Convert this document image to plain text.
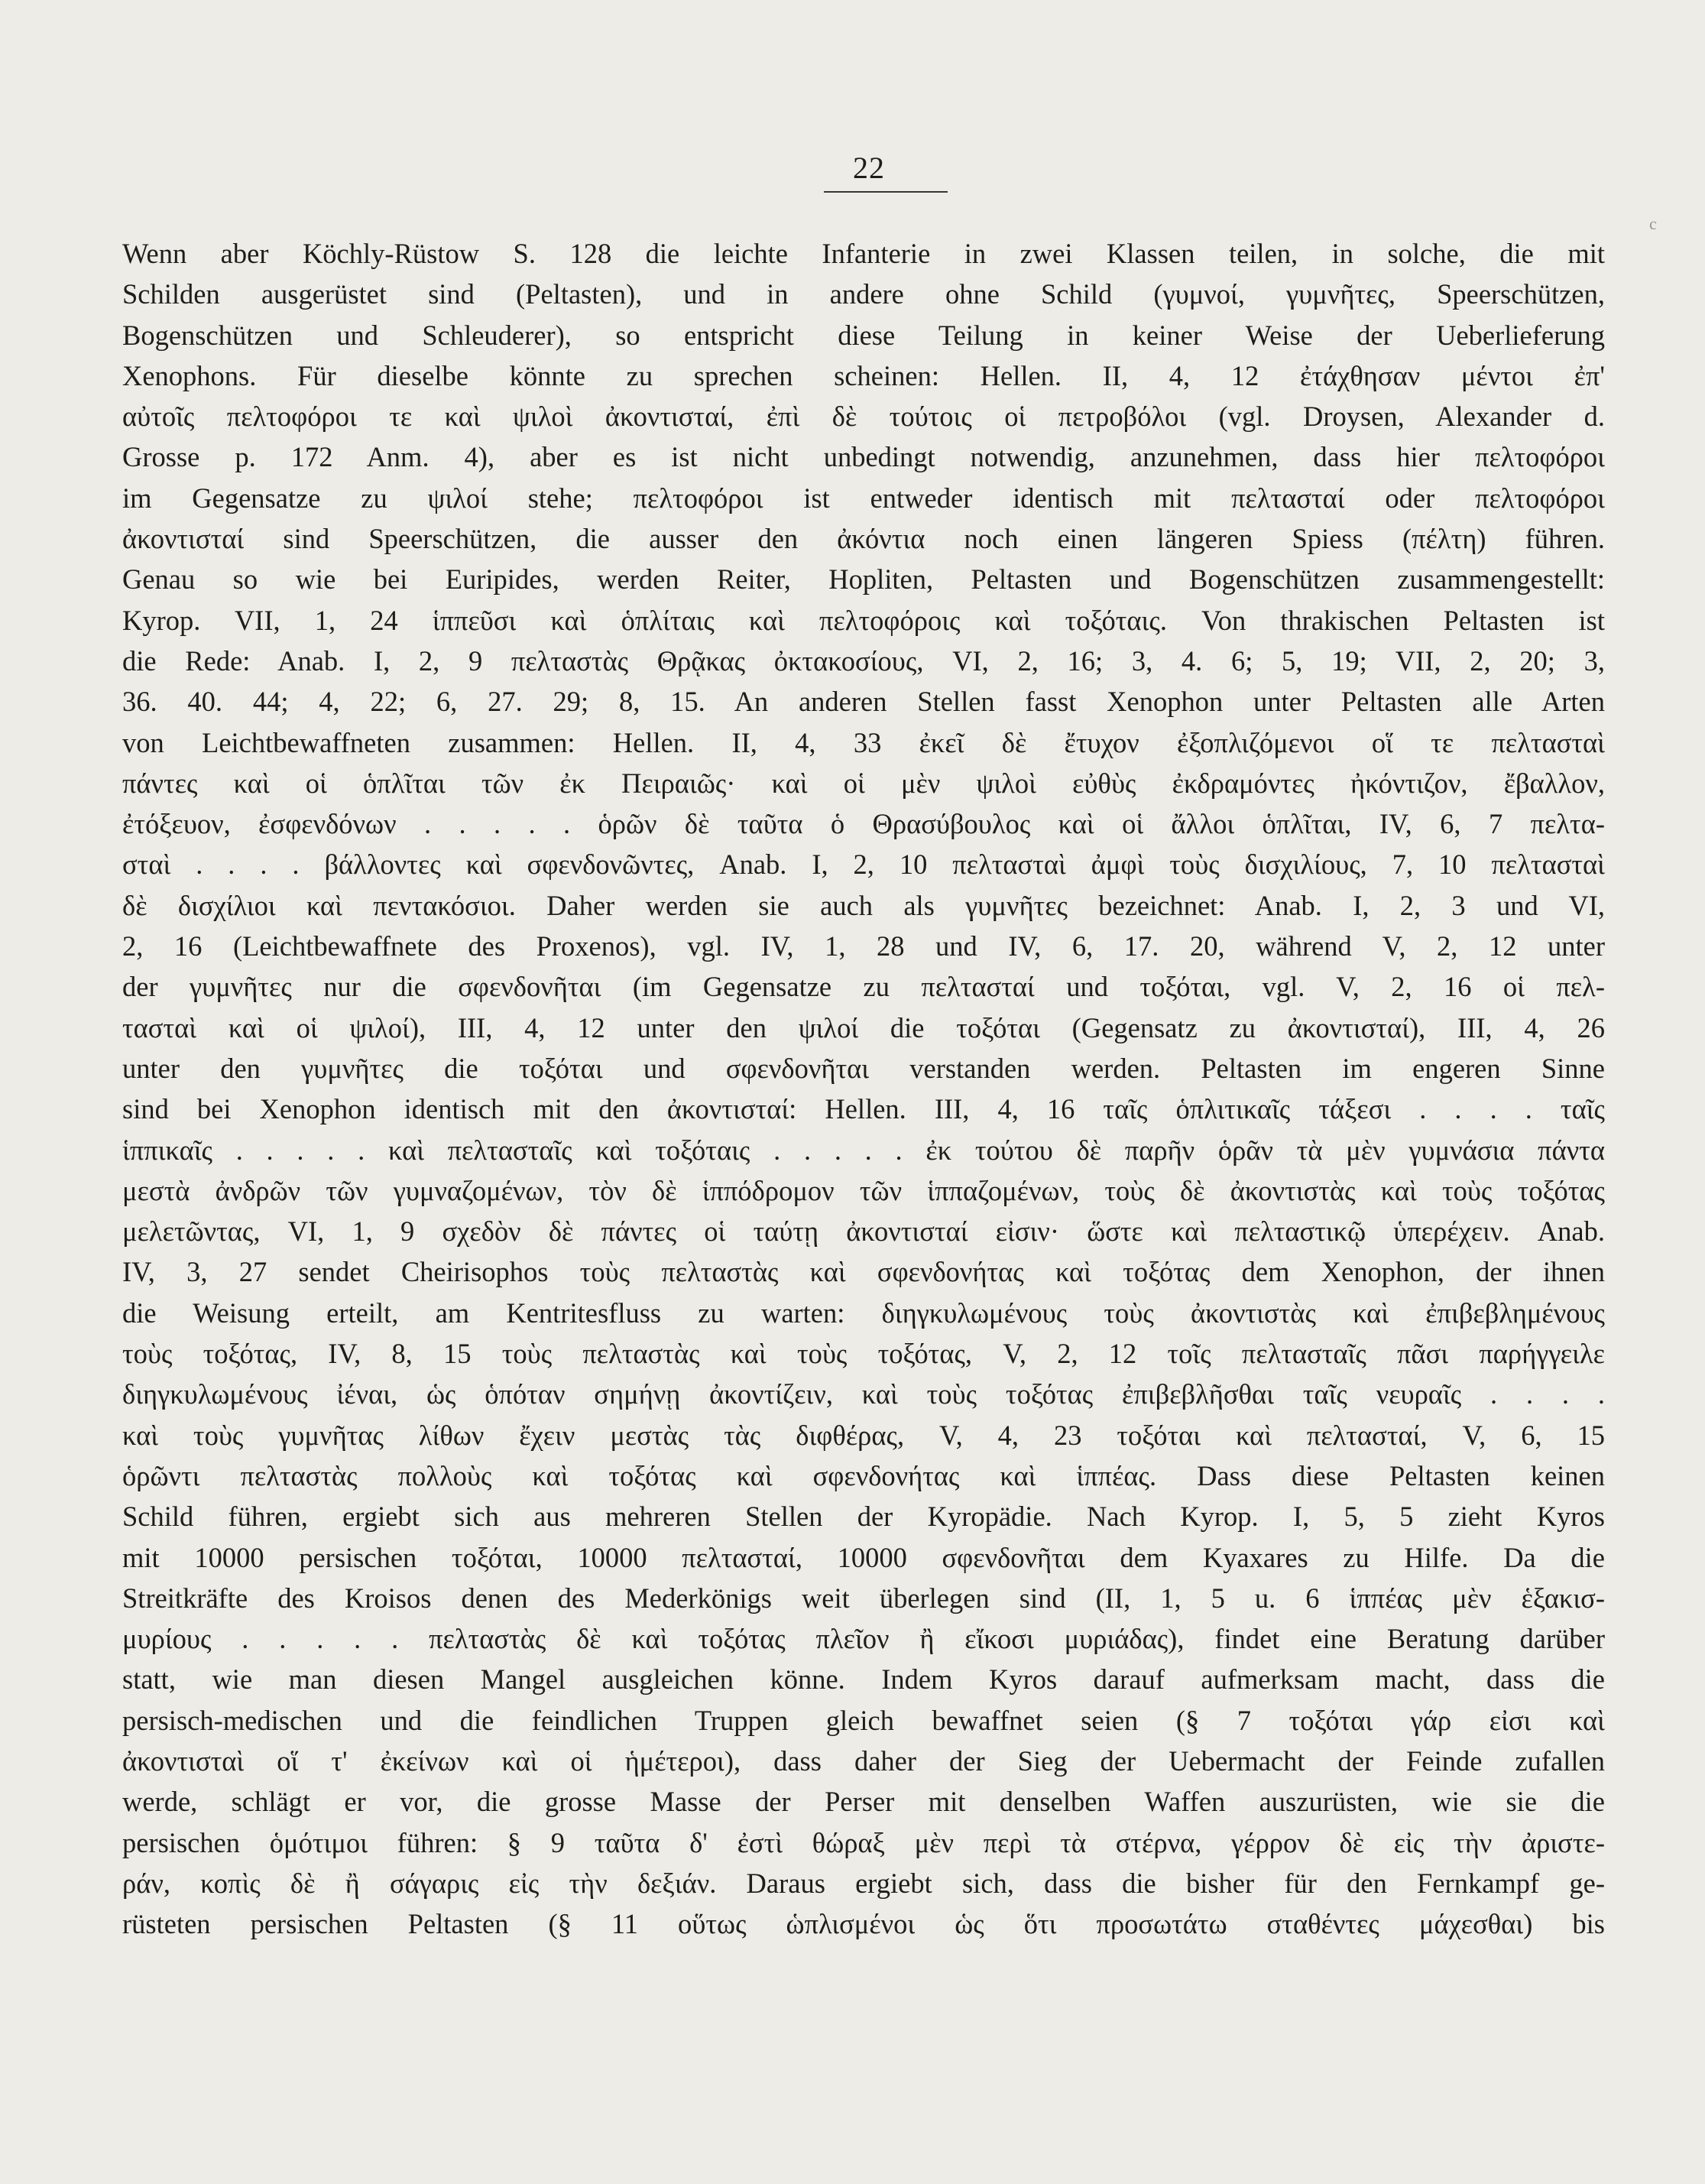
22
c
Wenn aber Köchly-Rüstow S. 128 die leichte Infanterie in zwei Klassen teilen, in solche, die mit
Schilden ausgerüstet sind (Peltasten), und in andere ohne Schild (γυμνοί, γυμνῆτες, Speerschützen,
Bogenschützen und Schleuderer), so entspricht diese Teilung in keiner Weise der Ueberlieferung
Xenophons. Für dieselbe könnte zu sprechen scheinen: Hellen. II, 4, 12 ἐτάχθησαν μέντοι ἐπ'
αὐτοῖς πελτοφόροι τε καὶ ψιλοὶ ἀκοντισταί, ἐπὶ δὲ τούτοις οἱ πετροβόλοι (vgl. Droysen, Alexander d.
Grosse p. 172 Anm. 4), aber es ist nicht unbedingt notwendig, anzunehmen, dass hier πελτοφόροι
im Gegensatze zu ψιλοί stehe; πελτοφόροι ist entweder identisch mit πελτασταί oder πελτοφόροι
ἀκοντισταί sind Speerschützen, die ausser den ἀκόντια noch einen längeren Spiess (πέλτη) führen.
Genau so wie bei Euripides, werden Reiter, Hopliten, Peltasten und Bogenschützen zusammengestellt:
Kyrop. VII, 1, 24 ἱππεῦσι καὶ ὁπλίταις καὶ πελτοφόροις καὶ τοξόταις. Von thrakischen Peltasten ist
die Rede: Anab. I, 2, 9 πελταστὰς Θρᾷκας ὀκτακοσίους, VI, 2, 16; 3, 4. 6; 5, 19; VII, 2, 20; 3,
36. 40. 44; 4, 22; 6, 27. 29; 8, 15. An anderen Stellen fasst Xenophon unter Peltasten alle Arten
von Leichtbewaffneten zusammen: Hellen. II, 4, 33 ἐκεῖ δὲ ἔτυχον ἐξοπλιζόμενοι οἵ τε πελτασταὶ
πάντες καὶ οἱ ὁπλῖται τῶν ἐκ Πειραιῶς· καὶ οἱ μὲν ψιλοὶ εὐθὺς ἐκδραμόντες ἠκόντιζον, ἔβαλλον,
ἐτόξευον, ἐσφενδόνων . . . . . ὁρῶν δὲ ταῦτα ὁ Θρασύβουλος καὶ οἱ ἄλλοι ὁπλῖται, IV, 6, 7 πελτα-
σταὶ . . . . βάλλοντες καὶ σφενδονῶντες, Anab. I, 2, 10 πελτασταὶ ἀμφὶ τοὺς δισχιλίους, 7, 10 πελτασταὶ
δὲ δισχίλιοι καὶ πεντακόσιοι. Daher werden sie auch als γυμνῆτες bezeichnet: Anab. I, 2, 3 und VI,
2, 16 (Leichtbewaffnete des Proxenos), vgl. IV, 1, 28 und IV, 6, 17. 20, während V, 2, 12 unter
der γυμνῆτες nur die σφενδονῆται (im Gegensatze zu πελτασταί und τοξόται, vgl. V, 2, 16 οἱ πελ-
τασταὶ καὶ οἱ ψιλοί), III, 4, 12 unter den ψιλοί die τοξόται (Gegensatz zu ἀκοντισταί), III, 4, 26
unter den γυμνῆτες die τοξόται und σφενδονῆται verstanden werden. Peltasten im engeren Sinne
sind bei Xenophon identisch mit den ἀκοντισταί: Hellen. III, 4, 16 ταῖς ὁπλιτικαῖς τάξεσι . . . . ταῖς
ἱππικαῖς . . . . . καὶ πελτασταῖς καὶ τοξόταις . . . . . ἐκ τούτου δὲ παρῆν ὁρᾶν τὰ μὲν γυμνάσια πάντα
μεστὰ ἀνδρῶν τῶν γυμναζομένων, τὸν δὲ ἱππόδρομον τῶν ἱππαζομένων, τοὺς δὲ ἀκοντιστὰς καὶ τοὺς τοξότας
μελετῶντας, VI, 1, 9 σχεδὸν δὲ πάντες οἱ ταύτῃ ἀκοντισταί εἰσιν· ὥστε καὶ πελταστικῷ ὑπερέχειν. Anab.
IV, 3, 27 sendet Cheirisophos τοὺς πελταστὰς καὶ σφενδονήτας καὶ τοξότας dem Xenophon, der ihnen
die Weisung erteilt, am Kentritesfluss zu warten: διηγκυλωμένους τοὺς ἀκοντιστὰς καὶ ἐπιβεβλημένους
τοὺς τοξότας, IV, 8, 15 τοὺς πελταστὰς καὶ τοὺς τοξότας, V, 2, 12 τοῖς πελτασταῖς πᾶσι παρήγγειλε
διηγκυλωμένους ἰέναι, ὡς ὁπόταν σημήνῃ ἀκοντίζειν, καὶ τοὺς τοξότας ἐπιβεβλῆσθαι ταῖς νευραῖς . . . .
καὶ τοὺς γυμνῆτας λίθων ἔχειν μεστὰς τὰς διφθέρας, V, 4, 23 τοξόται καὶ πελτασταί, V, 6, 15
ὁρῶντι πελταστὰς πολλοὺς καὶ τοξότας καὶ σφενδονήτας καὶ ἱππέας. Dass diese Peltasten keinen
Schild führen, ergiebt sich aus mehreren Stellen der Kyropädie. Nach Kyrop. I, 5, 5 zieht Kyros
mit 10000 persischen τοξόται, 10000 πελτασταί, 10000 σφενδονῆται dem Kyaxares zu Hilfe. Da die
Streitkräfte des Kroisos denen des Mederkönigs weit überlegen sind (II, 1, 5 u. 6 ἱππέας μὲν ἑξακισ-
μυρίους . . . . . πελταστὰς δὲ καὶ τοξότας πλεῖον ἢ εἴκοσι μυριάδας), findet eine Beratung darüber
statt, wie man diesen Mangel ausgleichen könne. Indem Kyros darauf aufmerksam macht, dass die
persisch-medischen und die feindlichen Truppen gleich bewaffnet seien (§ 7 τοξόται γάρ εἰσι καὶ
ἀκοντισταὶ οἵ τ' ἐκείνων καὶ οἱ ἡμέτεροι), dass daher der Sieg der Uebermacht der Feinde zufallen
werde, schlägt er vor, die grosse Masse der Perser mit denselben Waffen auszurüsten, wie sie die
persischen ὁμότιμοι führen: § 9 ταῦτα δ' ἐστὶ θώραξ μὲν περὶ τὰ στέρνα, γέρρον δὲ εἰς τὴν ἀριστε-
ράν, κοπὶς δὲ ἢ σάγαρις εἰς τὴν δεξιάν. Daraus ergiebt sich, dass die bisher für den Fernkampf ge-
rüsteten persischen Peltasten (§ 11 οὕτως ὡπλισμένοι ὡς ὅτι προσωτάτω σταθέντες μάχεσθαι) bis
